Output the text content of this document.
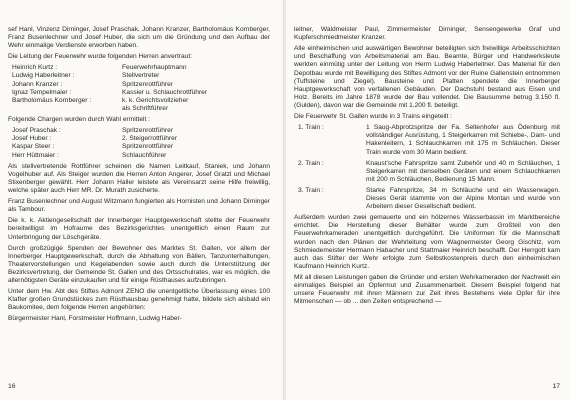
sef Hanl, Vinzenz Dirninger, Josef Praschak, Johann Kranzer, Bartholomäus Kornberger, Franz Busenlechner und Josef Huber, die sich um die Gründung und den Aufbau der Wehr einmalige Verdienste erworben haben.

Die Leitung der Feuerwehr wurde folgenden Herren anvertraut:

Heinrich Kurtz :	Feuerwehrhauptmann
Ludwig Haberleitner :	Stellvertreter
Johann Kranzer :	Spritzenrottführer
Ignaz Tempelmaier :	Kassier u. Schlauchrottführer
Bartholomäus Kornberger :	k. k. Gerichtsvollzieher
als Schriftführer

Folgende Chargen wurden durch Wahl ermittelt :

Josef Praschak :	Spritzenrottführer
Josef Huber :	2. Steigerrottführer
Kaspar Steer :	Spritzenrottführer
Herr Hüttmaier :	Schlauchführer

Als stellvertretende Rottführer scheinen die Namen Leitkauf, Staniek, und Johann Vogelhuber auf. Als Steiger wurden die Herren Anton Angerer, Josef Gratzl und Michael Stixenberger gewählt. Herr Johann Haller leistete als Vereinsarzt seine Hilfe freiwillig, welche später auch Herr MR. Dr. Murath zusicherte.

Franz Busenlechner und August Witzmann fungierten als Hornisten und Johann Dirninger als Tambour.

Die k. k. Aktiengesellschaft der Innerberger Hauptgewerkschaft stellte der Feuerwehr bereitwilligst im Hofraume des Bezirksgerichtes unentgeltlich einen Raum zur Unterbringung der Löschgeräte.

Durch großzügige Spenden der Bewohner des Marktes St. Gallen, vor allem der Innerberger Hauptgewerkschaft, durch die Abhaltung von Bällen, Tanzunterhaltungen, Theatervorstellungen und Kegelabenden sowie auch durch die Unterstützung der Bezirksvertretung, der Gemeinde St. Gallen und des Ortsschulrates, war es möglich, die allernötigsten Geräte einzukaufen und für einige Rüsthauses aufzubringen.

Unter dem Hw. Abt des Stiftes Admont ZENO die unentgeltliche Überlassung eines 100 Klafter großen Grundstückes zum Rüsthausbau genehmigt hatte, bildete sich alsbald ein Baukomitee, dem folgende Herren angehörten:

Bürgermeister Hanl, Forstmeister Hoffmann, Ludwig Haber-

16

leitner, Waldmeister Paul, Zimmermeister Dirninger, Sensengewerke Graf und Kupferschmiedmeister Kranzer.

Alle einheimischen und auswärtigen Bewohner beteiligten sich freiwillige Arbeitsschichten und Beschaffung von Arbeitsmaterial am Bau. Beamte, Bürger und Handwerksleute werkten einmütig unter der Leitung von Herrn Ludwig Haberleitner. Das Material für den Depotbau wurde mit Bewilligung des Stiftes Admont vor der Ruine Gallenstein entnommen (Tuffsteine und Ziegel). Bausteine und Platten spendete die Innerberger Hauptgewerkschaft von verfallenen Gebäuden. Der Dachstuhl bestand aus Eisen und Holz. Bereits im Jahre 1878 wurde der Bau vollendet. Die Bausumme betrug 3.150 fl. (Gulden), davon war die Gemeinde mit 1.200 fl. beteiligt.

Die Feuerwehr St. Gallen wurde in 3 Trains eingeteilt :

1. Train :	1 Saug-Abprotzspritze der Fa. Seltenhofer aus Ödenburg mit vollständiger Ausrüstung, 1 Steigerkarren mit Schiebe-, Dam- und Hakenleitern, 1 Schlauchkarren mit 175 m Schläuchen. Dieser Train wurde vom 30 Mann bedient.
2. Train :	Knaust'sche Fahrspritze samt Zubehör und 40 m Schläuchen, 1 Steigerkarren mit denselben Geräten und einem Schlauchkarren mit 200 m Schläuchen, Bedienung 15 Mann.
3. Train :	Starke Fahrspritze, 34 m Schläuche und ein Wasserwagen. Dieses Gerät stammte von der Alpine Montan und wurde von Arbeitern dieser Gesellschaft bedient.

Außerdem wurden zwei gemauerte und ein hölzernes Wasserbassin im Marktbereiche errichtet. Die Herstellung dieser Behälter wurde zum Großteil von den Feuerwehrkameraden unentgeltlich durchgeführt. Die Uniformen für die Mannschaft wurden nach den Plänen der Wehrleitung vom Wagnermeister Georg Gischitz, vom Schmiedemeister Hermann Habacher und Stattmaier Heinrich beschafft. Der Herrgott kam auch das Stifter der Wehr erfolgte zum Selbstkostenpreis durch den einheimischen Kaufmann Heinrich Kurtz.

Mit all diesen Leistungen gaben die Gründer und ersten Wehrkameraden der Nachwelt ein einmaliges Beispiel an Opfermut und Zusammenarbeit. Diesem Beispiel folgend hat unsere Feuerwehr mit ihren Männern zur Zeit ihres Bestehens viele Opfer für ihre Mitmenschen — ob ... den Zeiten entsprechend —

17
